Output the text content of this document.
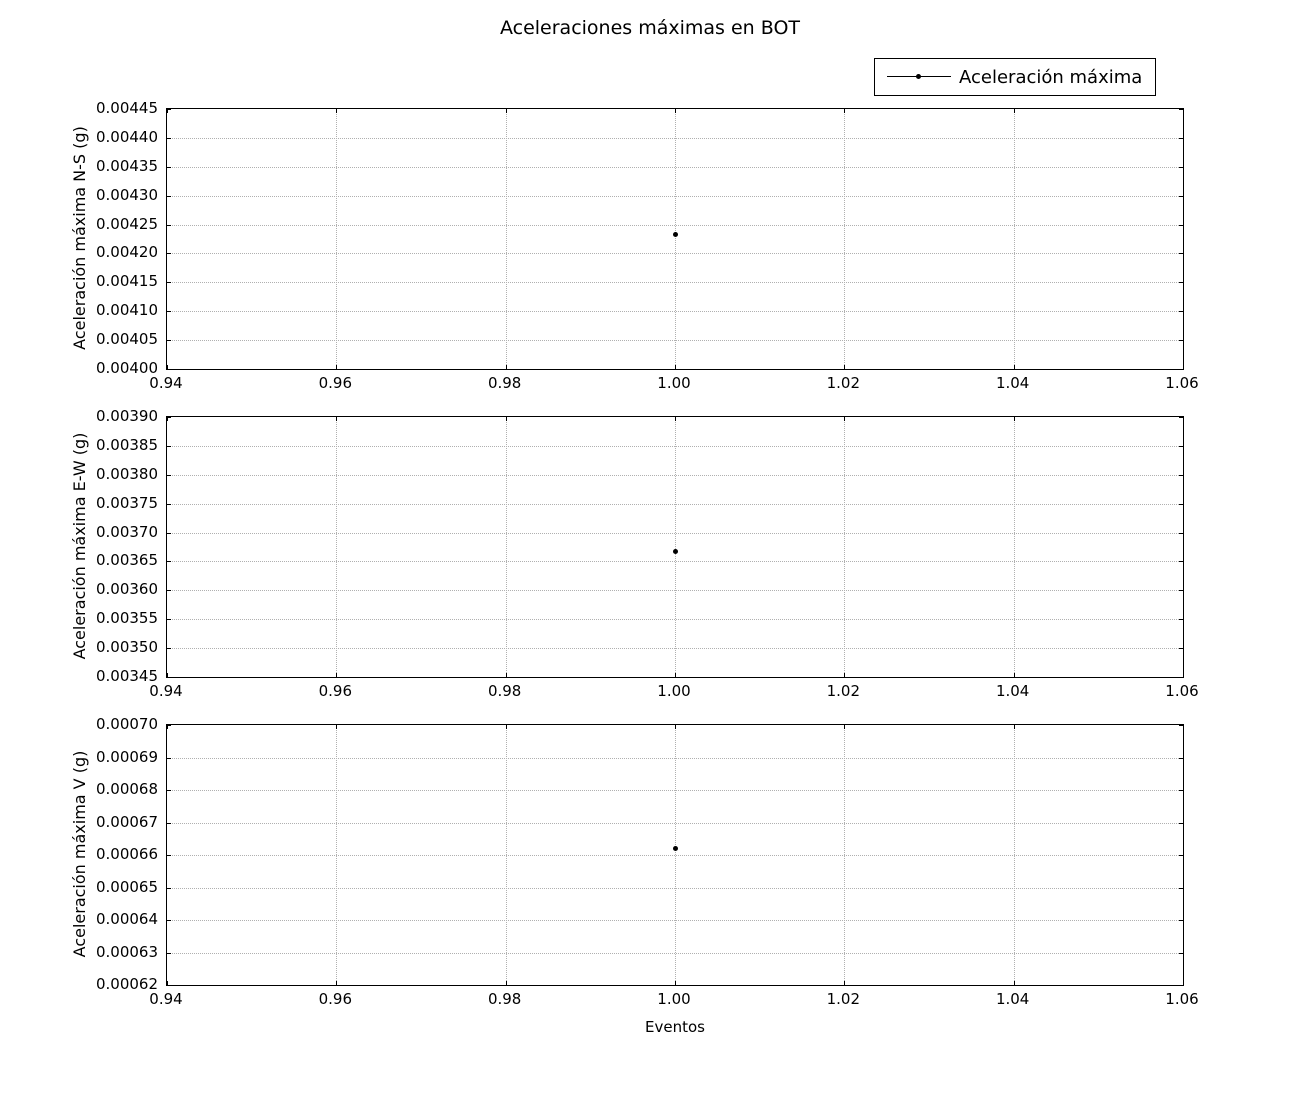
Aceleraciones máximas en BOT
Aceleración máxima
Eventos
0.94	0.96	0.98	1.00	1.02	1.04	1.06
0.00400
0.00405
0.00410
0.00415
0.00420
0.00425
0.00430
0.00435
0.00440
0.00445
Aceleración máxima N-S (g)
0.94	0.96	0.98	1.00	1.02	1.04	1.06
0.00345
0.00350
0.00355
0.00360
0.00365
0.00370
0.00375
0.00380
0.00385
0.00390
Aceleración máxima E-W (g)
0.94	0.96	0.98	1.00	1.02	1.04	1.06
0.00062
0.00063
0.00064
0.00065
0.00066
0.00067
0.00068
0.00069
0.00070
Aceleración máxima V (g)
